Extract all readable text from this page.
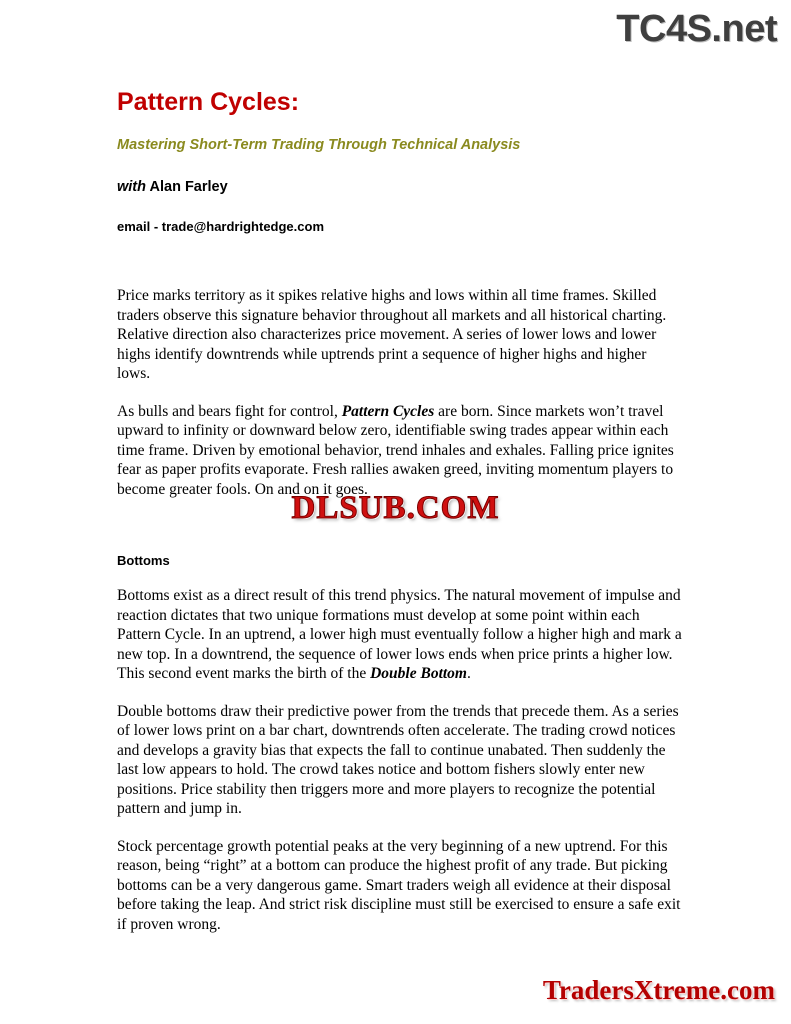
TC4S.net
Pattern Cycles:
Mastering Short-Term Trading Through Technical Analysis
with Alan Farley
email - trade@hardrightedge.com

Price marks territory as it spikes relative highs and lows within all time frames. Skilled traders observe this signature behavior throughout all markets and all historical charting. Relative direction also characterizes price movement. A series of lower lows and lower highs identify downtrends while uptrends print a sequence of higher highs and higher lows.

As bulls and bears fight for control, Pattern Cycles are born. Since markets won’t travel upward to infinity or downward below zero, identifiable swing trades appear within each time frame. Driven by emotional behavior, trend inhales and exhales. Falling price ignites fear as paper profits evaporate. Fresh rallies awaken greed, inviting momentum players to become greater fools. On and on it goes.

Bottoms

Bottoms exist as a direct result of this trend physics. The natural movement of impulse and reaction dictates that two unique formations must develop at some point within each Pattern Cycle. In an uptrend, a lower high must eventually follow a higher high and mark a new top. In a downtrend, the sequence of lower lows ends when price prints a higher low. This second event marks the birth of the Double Bottom.

Double bottoms draw their predictive power from the trends that precede them. As a series of lower lows print on a bar chart, downtrends often accelerate. The trading crowd notices and develops a gravity bias that expects the fall to continue unabated. Then suddenly the last low appears to hold. The crowd takes notice and bottom fishers slowly enter new positions. Price stability then triggers more and more players to recognize the potential pattern and jump in.

Stock percentage growth potential peaks at the very beginning of a new uptrend. For this reason, being “right” at a bottom can produce the highest profit of any trade. But picking bottoms can be a very dangerous game. Smart traders weigh all evidence at their disposal before taking the leap. And strict risk discipline must still be exercised to ensure a safe exit if proven wrong.

DLSUB.COM
TradersXtreme.com
